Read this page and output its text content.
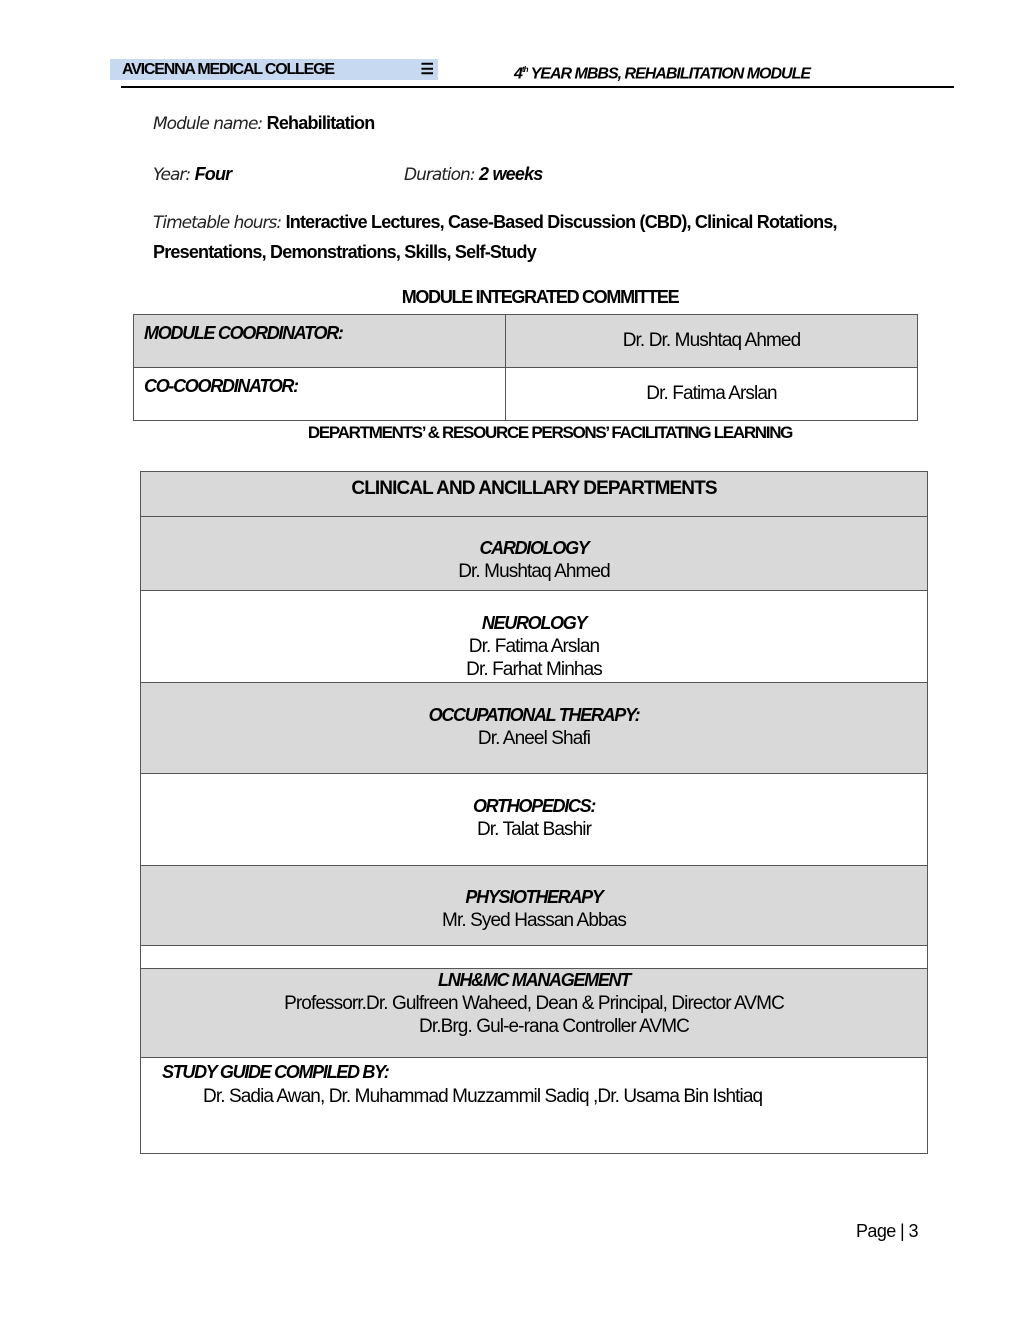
AVICENNA MEDICAL COLLEGE	☰	4th YEAR MBBS, REHABILITATION MODULE
Module name: Rehabilitation
Year: Four	Duration: 2 weeks
Timetable hours: Interactive Lectures, Case-Based Discussion (CBD), Clinical Rotations,
Presentations, Demonstrations, Skills, Self-Study
MODULE INTEGRATED COMMITTEE
MODULE COORDINATOR:	Dr. Dr. Mushtaq Ahmed
CO-COORDINATOR:	Dr. Fatima Arslan
DEPARTMENTS’ & RESOURCE PERSONS’ FACILITATING LEARNING
CLINICAL AND ANCILLARY DEPARTMENTS

CARDIOLOGY
Dr. Mushtaq Ahmed

NEUROLOGY
Dr. Fatima Arslan
Dr. Farhat Minhas

OCCUPATIONAL THERAPY:
Dr. Aneel Shafi

ORTHOPEDICS:
Dr. Talat Bashir

PHYSIOTHERAPY
Mr. Syed Hassan Abbas

LNH&MC MANAGEMENT
Professorr.Dr. Gulfreen Waheed, Dean & Principal, Director AVMC
Dr.Brg. Gul-e-rana Controller AVMC

STUDY GUIDE COMPILED BY:
Dr. Sadia Awan, Dr. Muhammad Muzzammil Sadiq ,Dr. Usama Bin Ishtiaq
Page | 3
